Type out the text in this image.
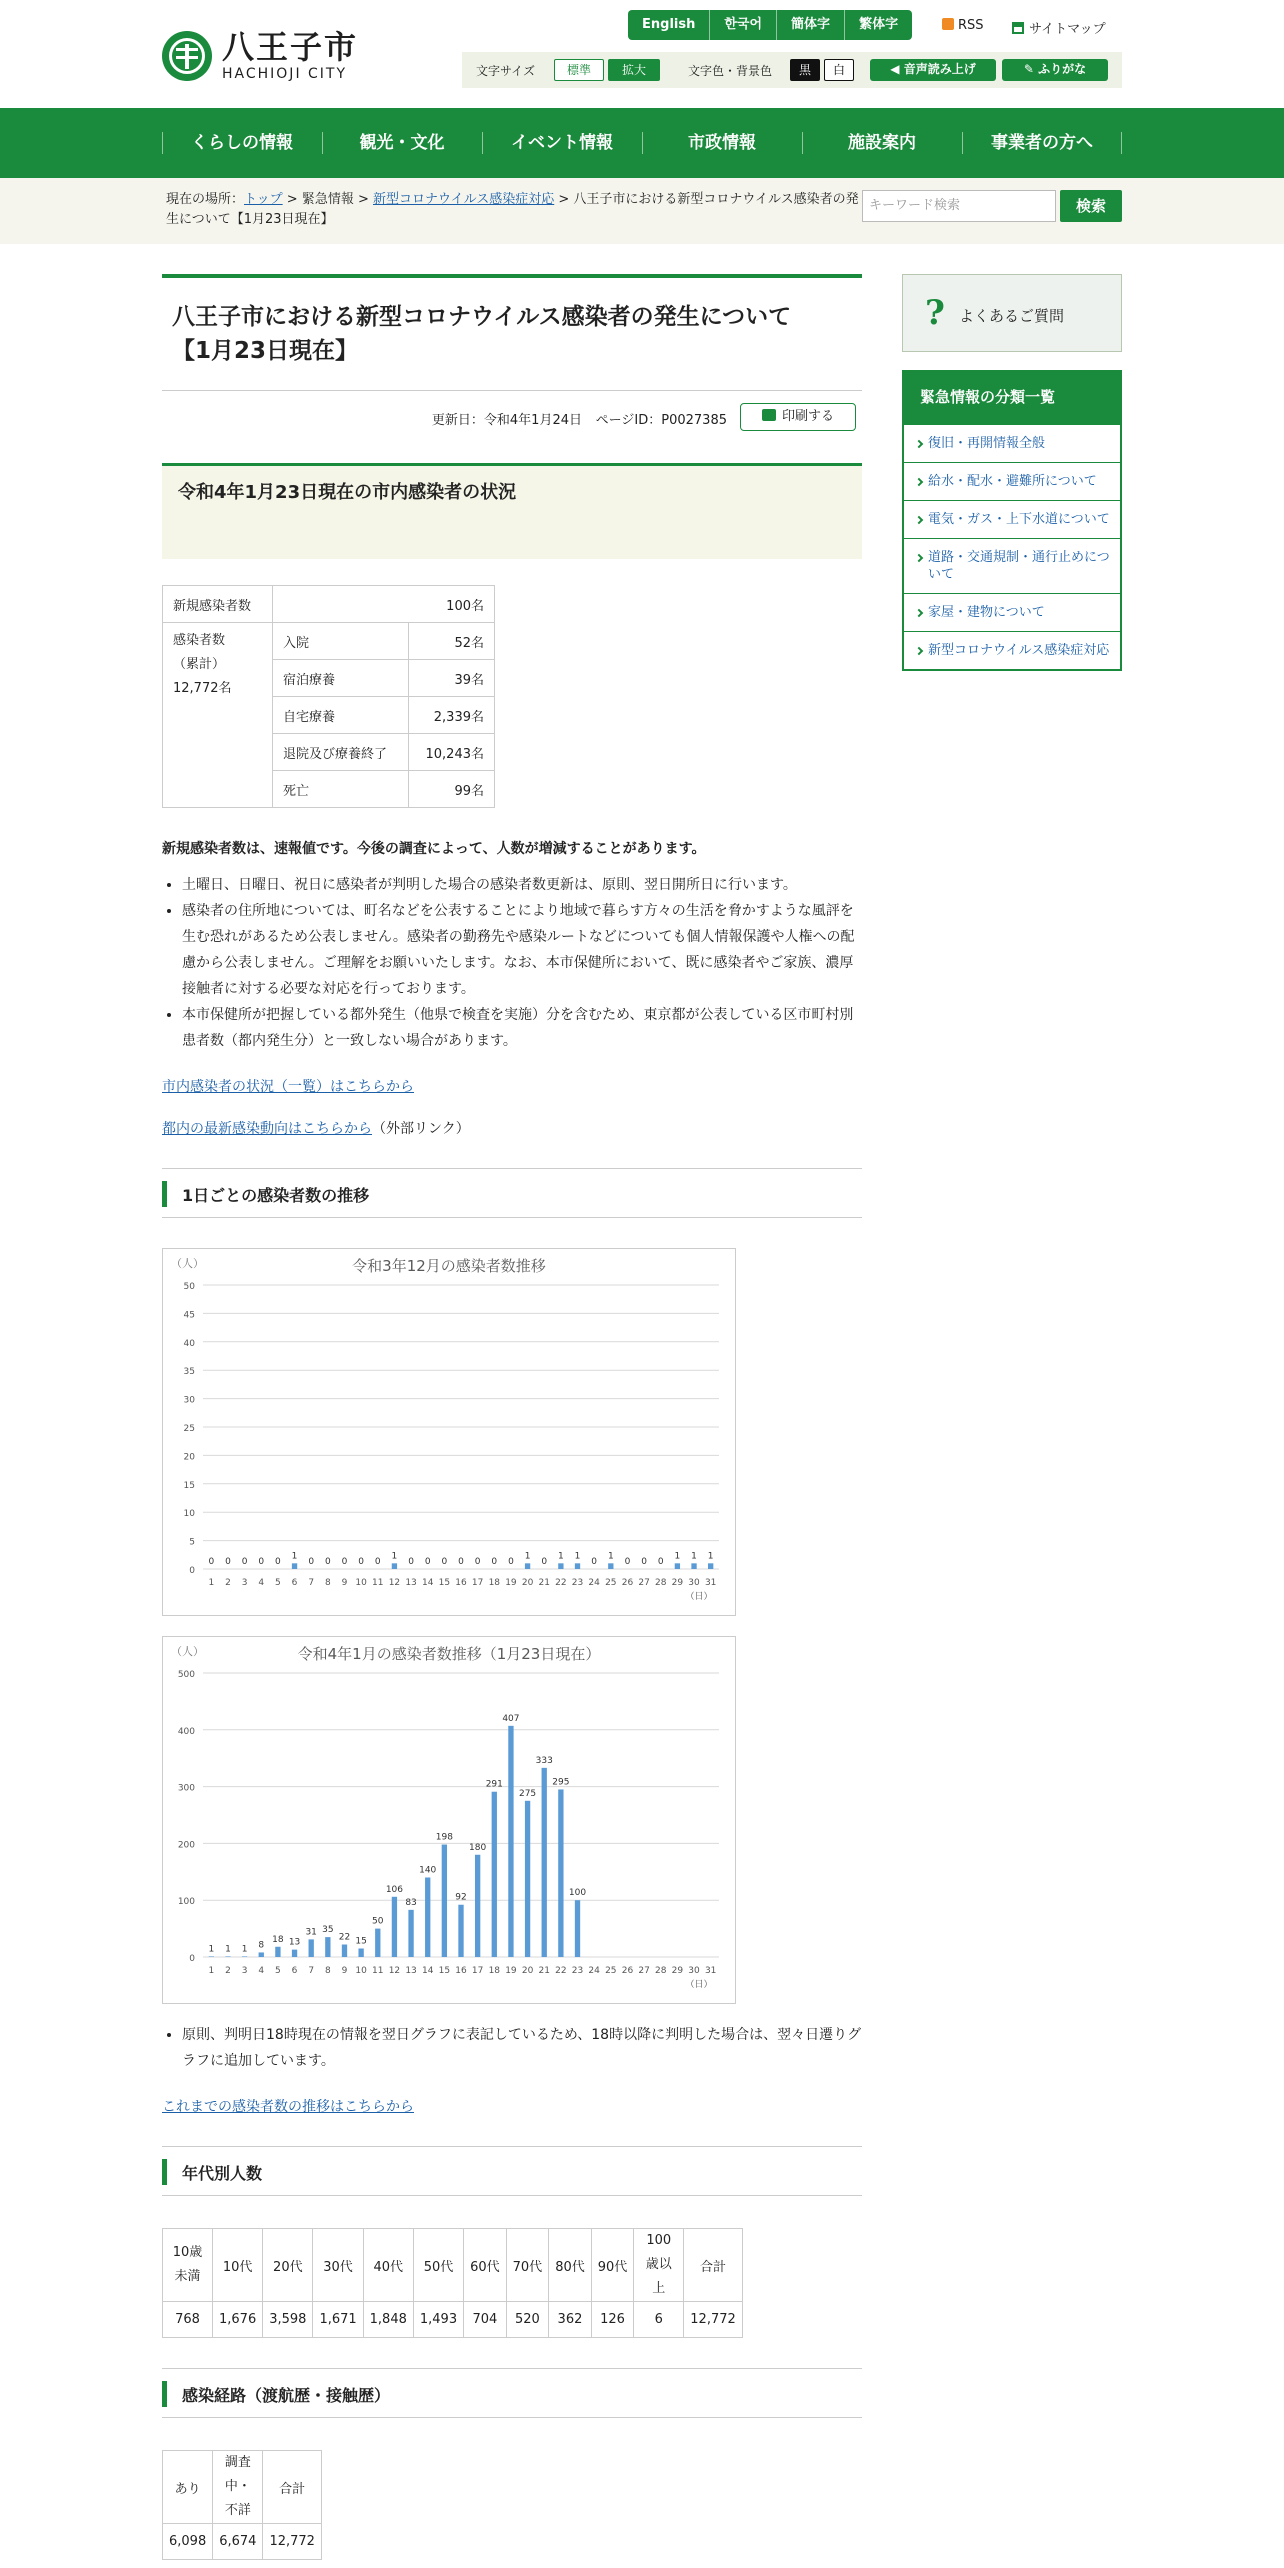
八王子市
HACHIOJI CITY
English	한국어	簡体字	繁体字	RSS	サイトマップ
文字サイズ	標準	拡大	文字色・背景色	黒	白	◀ 音声読み上げ	✎ ふりがな
くらしの情報	観光・文化	イベント情報	市政情報	施設案内	事業者の方へ
現在の場所：トップ > 緊急情報 > 新型コロナウイルス感染症対応 > 八王子市における新型コロナウイルス感染者の発生について【1月23日現在】
キーワード検索	検索
八王子市における新型コロナウイルス感染者の発生について
【1月23日現在】
更新日：令和4年1月24日 ページID：P0027385	印刷する
令和4年1月23日現在の市内感染者の状況
新規感染者数	100名	

感染者数
（累計）
12,772名	入院	52名
	宿泊療養	39名
	自宅療養	2,339名
	退院及び療養終了	10,243名
	死亡	99名
新規感染者数は、速報値です。今後の調査によって、人数が増減することがあります。
• 土曜日、日曜日、祝日に感染者が判明した場合の感染者数更新は、原則、翌日開所日に行います。
• 感染者の住所地については、町名などを公表することにより地域で暮らす方々の生活を脅かすような風評を生む恐れがあるため公表しません。感染者の勤務先や感染ルートなどについても個人情報保護や人権への配慮から公表しません。ご理解をお願いいたします。なお、本市保健所において、既に感染者やご家族、濃厚接触者に対する必要な対応を行っております。
• 本市保健所が把握している都外発生（他県で検査を実施）分を含むため、東京都が公表している区市町村別患者数（都内発生分）と一致しない場合があります。
市内感染者の状況（一覧）はこちらから
都内の最新感染動向はこちらから（外部リンク）
1日ごとの感染者数の推移
令和3年12月の感染者数推移
（人）
0
5
10
15
20
25
30
35
40
45
50
1
0
2
0
3
0
4
0
5
0
6
1
7
0
8
0
9
0
10
0
11
0
12
1
13
0
14
0
15
0
16
0
17
0
18
0
19
0
20
1
21
0
22
1
23
1
24
0
25
1
26
0
27
0
28
0
29
1
30
1
31
1
（日）
令和4年1月の感染者数推移（1月23日現在）
（人）
0
100
200
300
400
500
1
1
2
1
3
1
4
8
5
18
6
13
7
31
8
35
9
22
10
15
11
50
12
106
13
83
14
140
15
198
16
92
17
180
18
291
19
407
20
275
21
333
22
295
23
100
24 25 26 27 28 29 30 31
（日）
• 原則、判明日18時現在の情報を翌日グラフに表記しているため、18時以降に判明した場合は、翌々日遷りグラフに追加しています。
これまでの感染者数の推移はこちらから
年代別人数
10歳未満	10代	20代	30代	40代	50代	60代	70代	80代	90代	100歳以上	合計
768	1,676	3,598	1,671	1,848	1,493	704	520	362	126	6	12,772
感染経路（渡航歴・接触歴）
あり	調査中・不詳	合計
6,098	6,674	12,772
? よくあるご質問
緊急情報の分類一覧
復旧・再開情報全般
給水・配水・避難所について
電気・ガス・上下水道について
道路・交通規制・通行止めについて
家屋・建物について
新型コロナウイルス感染症対応
